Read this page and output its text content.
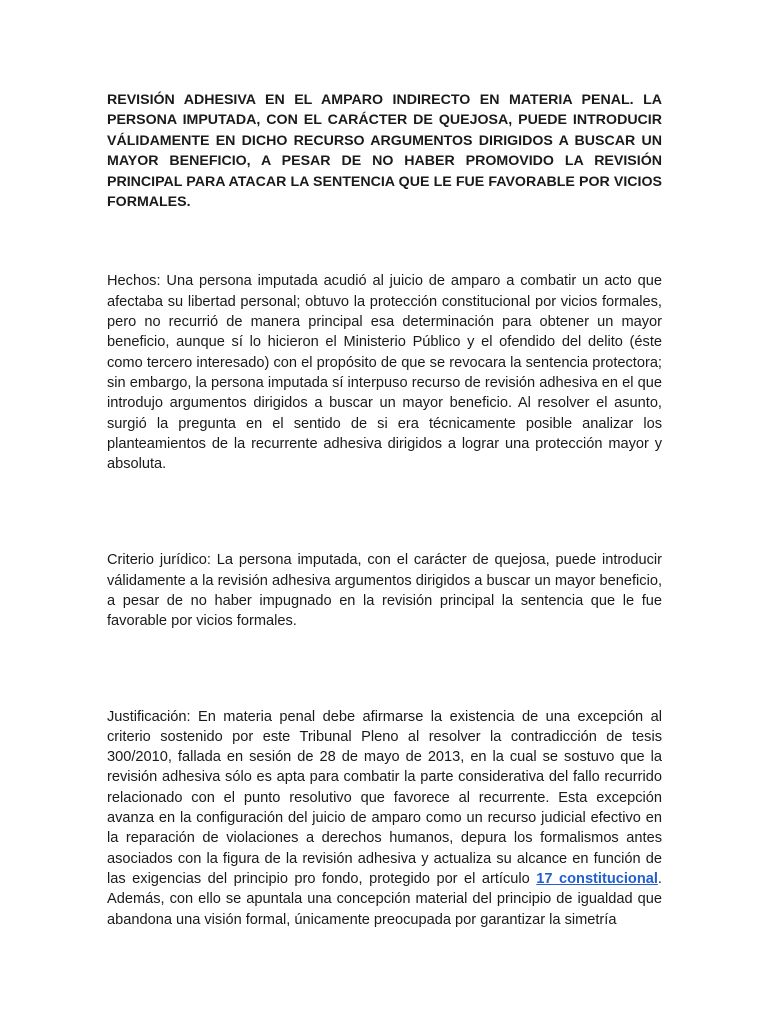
REVISIÓN ADHESIVA EN EL AMPARO INDIRECTO EN MATERIA PENAL. LA PERSONA IMPUTADA, CON EL CARÁCTER DE QUEJOSA, PUEDE INTRODUCIR VÁLIDAMENTE EN DICHO RECURSO ARGUMENTOS DIRIGIDOS A BUSCAR UN MAYOR BENEFICIO, A PESAR DE NO HABER PROMOVIDO LA REVISIÓN PRINCIPAL PARA ATACAR LA SENTENCIA QUE LE FUE FAVORABLE POR VICIOS FORMALES.

Hechos: Una persona imputada acudió al juicio de amparo a combatir un acto que afectaba su libertad personal; obtuvo la protección constitucional por vicios formales, pero no recurrió de manera principal esa determinación para obtener un mayor beneficio, aunque sí lo hicieron el Ministerio Público y el ofendido del delito (éste como tercero interesado) con el propósito de que se revocara la sentencia protectora; sin embargo, la persona imputada sí interpuso recurso de revisión adhesiva en el que introdujo argumentos dirigidos a buscar un mayor beneficio. Al resolver el asunto, surgió la pregunta en el sentido de si era técnicamente posible analizar los planteamientos de la recurrente adhesiva dirigidos a lograr una protección mayor y absoluta.

Criterio jurídico: La persona imputada, con el carácter de quejosa, puede introducir válidamente a la revisión adhesiva argumentos dirigidos a buscar un mayor beneficio, a pesar de no haber impugnado en la revisión principal la sentencia que le fue favorable por vicios formales.

Justificación: En materia penal debe afirmarse la existencia de una excepción al criterio sostenido por este Tribunal Pleno al resolver la contradicción de tesis 300/2010, fallada en sesión de 28 de mayo de 2013, en la cual se sostuvo que la revisión adhesiva sólo es apta para combatir la parte considerativa del fallo recurrido relacionado con el punto resolutivo que favorece al recurrente. Esta excepción avanza en la configuración del juicio de amparo como un recurso judicial efectivo en la reparación de violaciones a derechos humanos, depura los formalismos antes asociados con la figura de la revisión adhesiva y actualiza su alcance en función de las exigencias del principio pro fondo, protegido por el artículo 17 constitucional. Además, con ello se apuntala una concepción material del principio de igualdad que abandona una visión formal, únicamente preocupada por garantizar la simetría
